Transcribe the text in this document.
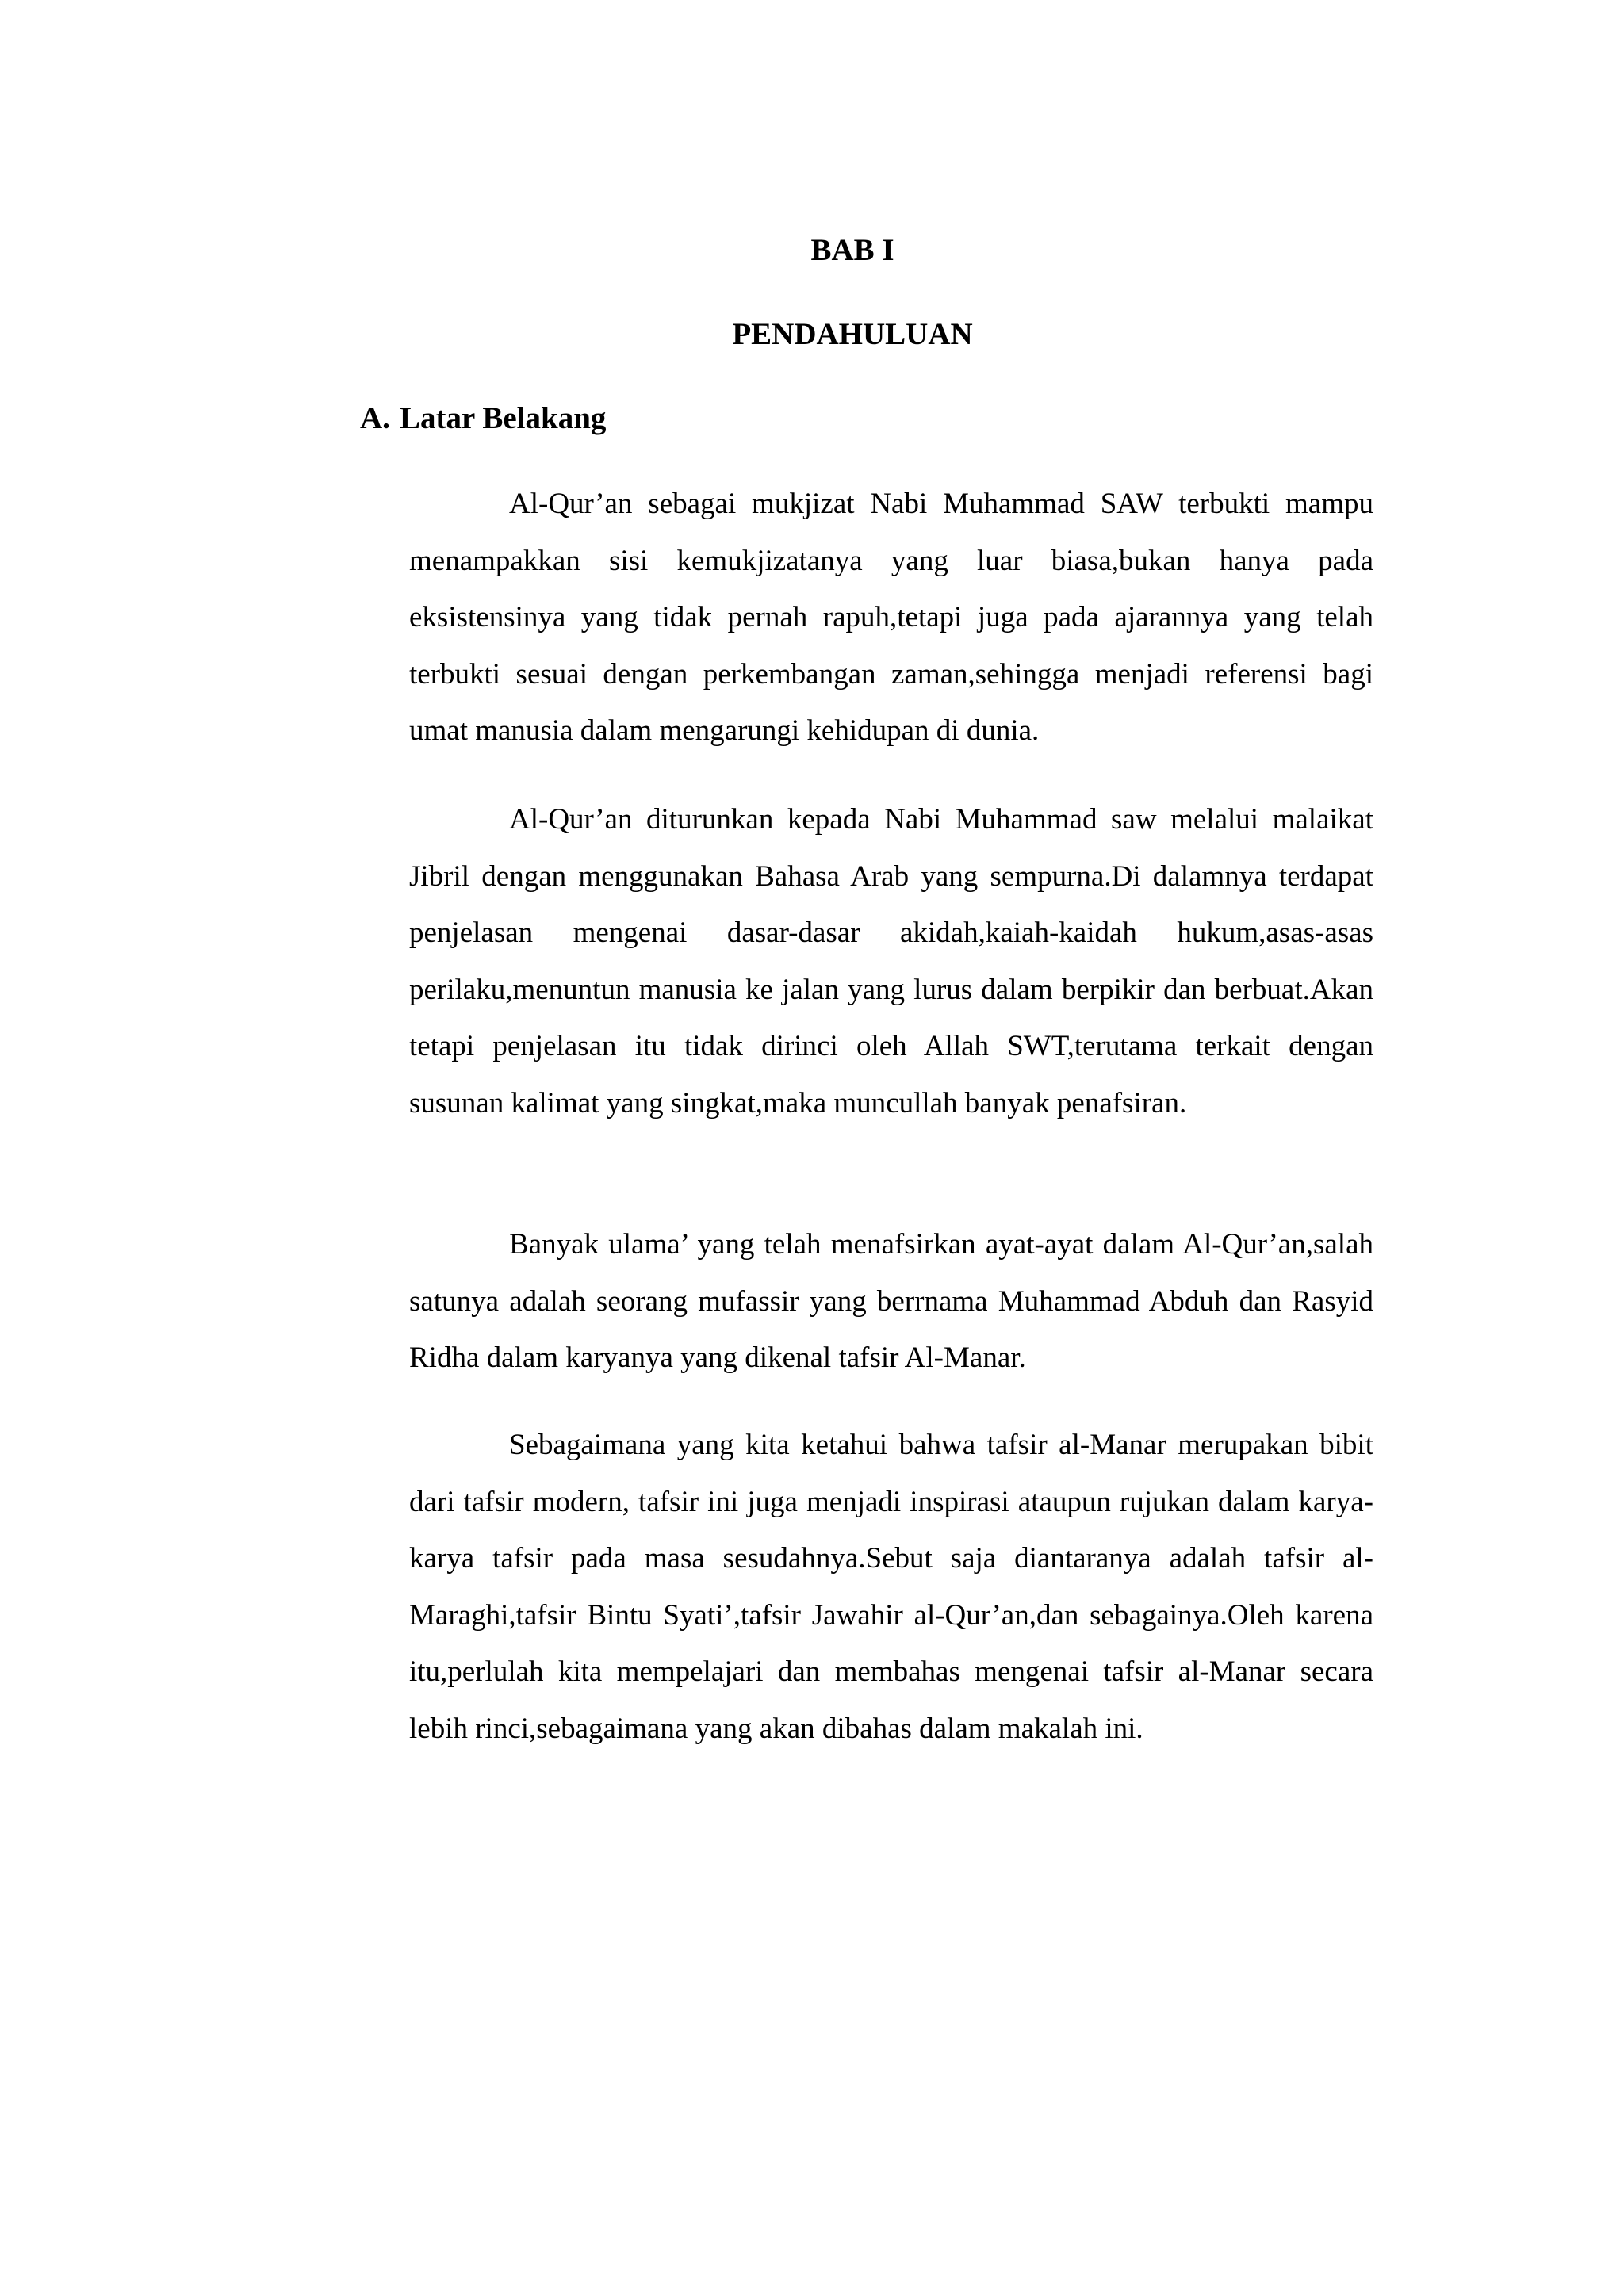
BAB I
PENDAHULUAN
A. Latar Belakang

Al-Qur’an sebagai mukjizat Nabi Muhammad SAW terbukti mampu menampakkan sisi kemukjizatanya yang luar biasa,bukan hanya pada eksistensinya yang tidak pernah rapuh,tetapi juga pada ajarannya yang telah terbukti sesuai dengan perkembangan zaman,sehingga menjadi referensi bagi umat manusia dalam mengarungi kehidupan di dunia.

Al-Qur’an diturunkan kepada Nabi Muhammad saw melalui malaikat Jibril dengan menggunakan Bahasa Arab yang sempurna.Di dalamnya terdapat penjelasan mengenai dasar-dasar akidah,kaiah-kaidah hukum,asas-asas perilaku,menuntun manusia ke jalan yang lurus dalam berpikir dan berbuat.Akan tetapi penjelasan itu tidak dirinci oleh Allah SWT,terutama terkait dengan susunan kalimat yang singkat,maka muncullah banyak penafsiran.

Banyak ulama’ yang telah menafsirkan ayat-ayat dalam Al-Qur’an,salah satunya adalah seorang mufassir yang berrnama Muhammad Abduh dan Rasyid Ridha dalam karyanya yang dikenal tafsir Al-Manar.

Sebagaimana yang kita ketahui bahwa tafsir al-Manar merupakan bibit dari tafsir modern, tafsir ini juga menjadi inspirasi ataupun rujukan dalam karya-karya tafsir pada masa sesudahnya.Sebut saja diantaranya adalah tafsir al-Maraghi,tafsir Bintu Syati’,tafsir Jawahir al-Qur’an,dan sebagainya.Oleh karena itu,perlulah kita mempelajari dan membahas mengenai tafsir al-Manar secara lebih rinci,sebagaimana yang akan dibahas dalam makalah ini.
